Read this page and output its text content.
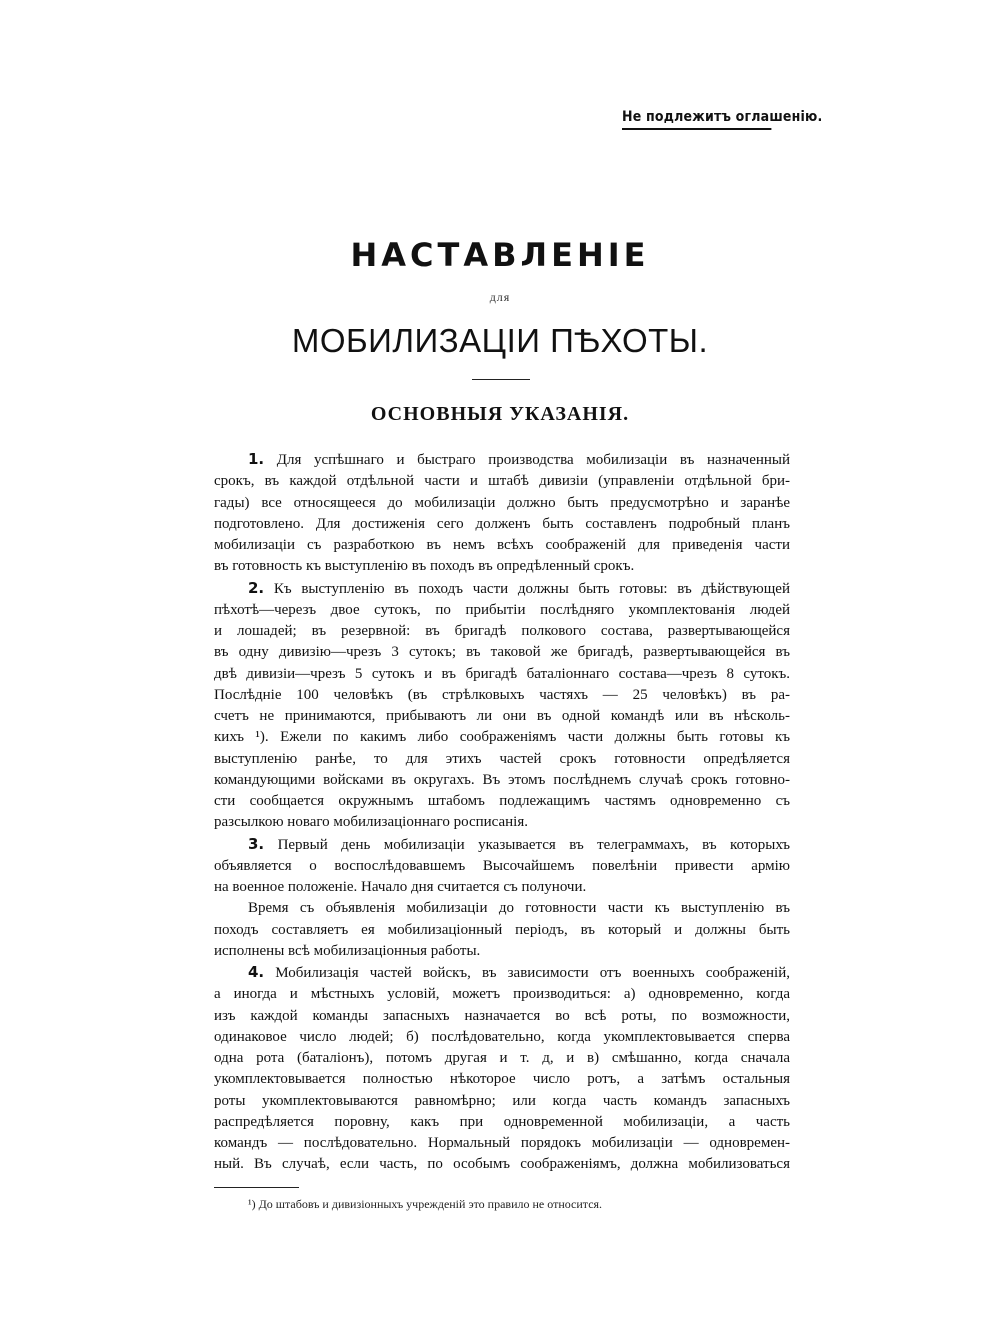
Не подлежитъ оглашенію.
НАСТАВЛЕНІЕ
для
МОБИЛИЗАЦІИ ПѢХОТЫ.
ОСНОВНЫЯ УКАЗАНІЯ.

1. Для успѣшнаго и быстраго производства мобилизаціи въ назначенный

срокъ, въ каждой отдѣльной части и штабѣ дивизіи (управленіи отдѣльной бри-

гады) все относящееся до мобилизаціи должно быть предусмотрѣно и заранѣе

подготовлено. Для достиженія сего долженъ быть составленъ подробный планъ

мобилизаціи съ разработкою въ немъ всѣхъ соображеній для приведенія части

въ готовность къ выступленію въ походъ въ опредѣленный срокъ.

2. Къ выступленію въ походъ части должны быть готовы: въ дѣйствующей

пѣхотѣ—черезъ двое сутокъ, по прибытіи послѣдняго укомплектованія людей

и лошадей; въ резервной: въ бригадѣ полкового состава, развертывающейся

въ одну дивизію—чрезъ 3 сутокъ; въ таковой же бригадѣ, развертывающейся въ

двѣ дивизіи—чрезъ 5 сутокъ и въ бригадѣ баталіоннаго состава—чрезъ 8 сутокъ.

Послѣдніе 100 человѣкъ (въ стрѣлковыхъ частяхъ — 25 человѣкъ) въ ра-

счетъ не принимаются, прибываютъ ли они въ одной командѣ или въ нѣсколь-

кихъ ¹). Ежели по какимъ либо соображеніямъ части должны быть готовы къ

выступленію ранѣе, то для этихъ частей срокъ готовности опредѣляется

командующими войсками въ округахъ. Въ этомъ послѣднемъ случаѣ срокъ готовно-

сти сообщается окружнымъ штабомъ подлежащимъ частямъ одновременно съ

разсылкою новаго мобилизаціоннаго росписанія.

3. Первый день мобилизаціи указывается въ телеграммахъ, въ которыхъ

объявляется о воспослѣдовавшемъ Высочайшемъ повелѣніи привести армію

на военное положеніе. Начало дня считается съ полуночи.

Время съ объявленія мобилизаціи до готовности части къ выступленію въ

походъ составляетъ ея мобилизаціонный періодъ, въ который и должны быть

исполнены всѣ мобилизаціонныя работы.

4. Мобилизація частей войскъ, въ зависимости отъ военныхъ соображеній,

а иногда и мѣстныхъ условій, можетъ производиться: а) одновременно, когда

изъ каждой команды запасныхъ назначается во всѣ роты, по возможности,

одинаковое число людей; б) послѣдовательно, когда укомплектовывается сперва

одна рота (баталіонъ), потомъ другая и т. д, и в) смѣшанно, когда сначала

укомплектовывается полностью нѣкоторое число ротъ, а затѣмъ остальныя

роты укомплектовываются равномѣрно; или когда часть командъ запасныхъ

распредѣляется поровну, какъ при одновременной мобилизаціи, а часть

командъ — послѣдовательно. Нормальный порядокъ мобилизаціи — одновремен-

ный. Въ случаѣ, если часть, по особымъ соображеніямъ, должна мобилизоваться

¹) До штабовъ и дивизіонныхъ учрежденій это правило не относится.
